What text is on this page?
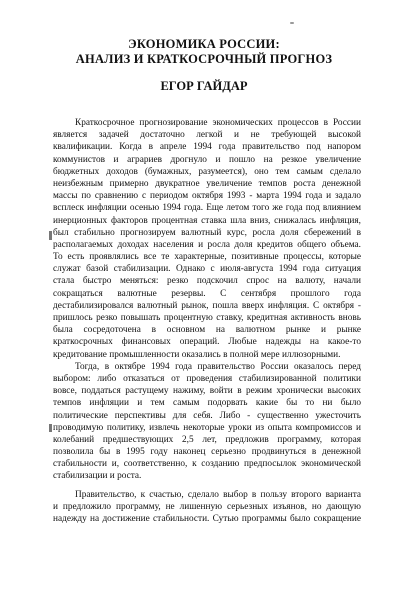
ЭКОНОМИКА РОССИИ:
АНАЛИЗ И КРАТКОСРОЧНЫЙ ПРОГНОЗ
ЕГОР ГАЙДАР

Краткосрочное прогнозирование экономических процессов в России
является задачей достаточно легкой и не требующей высокой
квалификации. Когда в апреле 1994 года правительство под напором
коммунистов и аграриев дрогнуло и пошло на резкое увеличение
бюджетных доходов (бумажных, разумеется), оно тем самым сделало
неизбежным примерно двукратное увеличение темпов роста денежной
массы по сравнению с периодом октября 1993 - марта 1994 года и задало
всплеск инфляции осенью 1994 года. Еще летом того же года под влиянием
инерционных факторов процентная ставка шла вниз, снижалась инфляция,
был стабильно прогнозируем валютный курс, росла доля сбережений в
располагаемых доходах населения и росла доля кредитов общего объема.
То есть проявлялись все те характерные, позитивные процессы, которые
служат базой стабилизации. Однако с июля-августа 1994 года ситуация
стала быстро меняться: резко подскочил спрос на валюту, начали
сокращаться валютные резервы. С сентября прошлого года
дестабилизировался валютный рынок, пошла вверх инфляция. С октября -
пришлось резко повышать процентную ставку, кредитная активность вновь
была сосредоточена в основном на валютном рынке и рынке
краткосрочных финансовых операций. Любые надежды на какое-то
кредитование промышленности оказались в полной мере иллюзорными.

Тогда, в октябре 1994 года правительство России оказалось перед
выбором: либо отказаться от проведения стабилизированной политики
вовсе, поддаться растущему нажиму, войти в режим хронически высоких
темпов инфляции и тем самым подорвать какие бы то ни было
политические перспективы для себя. Либо - существенно ужесточить
проводимую политику, извлечь некоторые уроки из опыта компромиссов и
колебаний предшествующих 2,5 лет, предложив программу, которая
позволила бы в 1995 году наконец серьезно продвинуться в денежной
стабильности и, соответственно, к созданию предпосылок экономической
стабилизации и роста.

Правительство, к счастью, сделало выбор в пользу второго варианта
и предложило программу, не лишенную серьезных изъянов, но дающую
надежду на достижение стабильности. Сутью программы было сокращение
